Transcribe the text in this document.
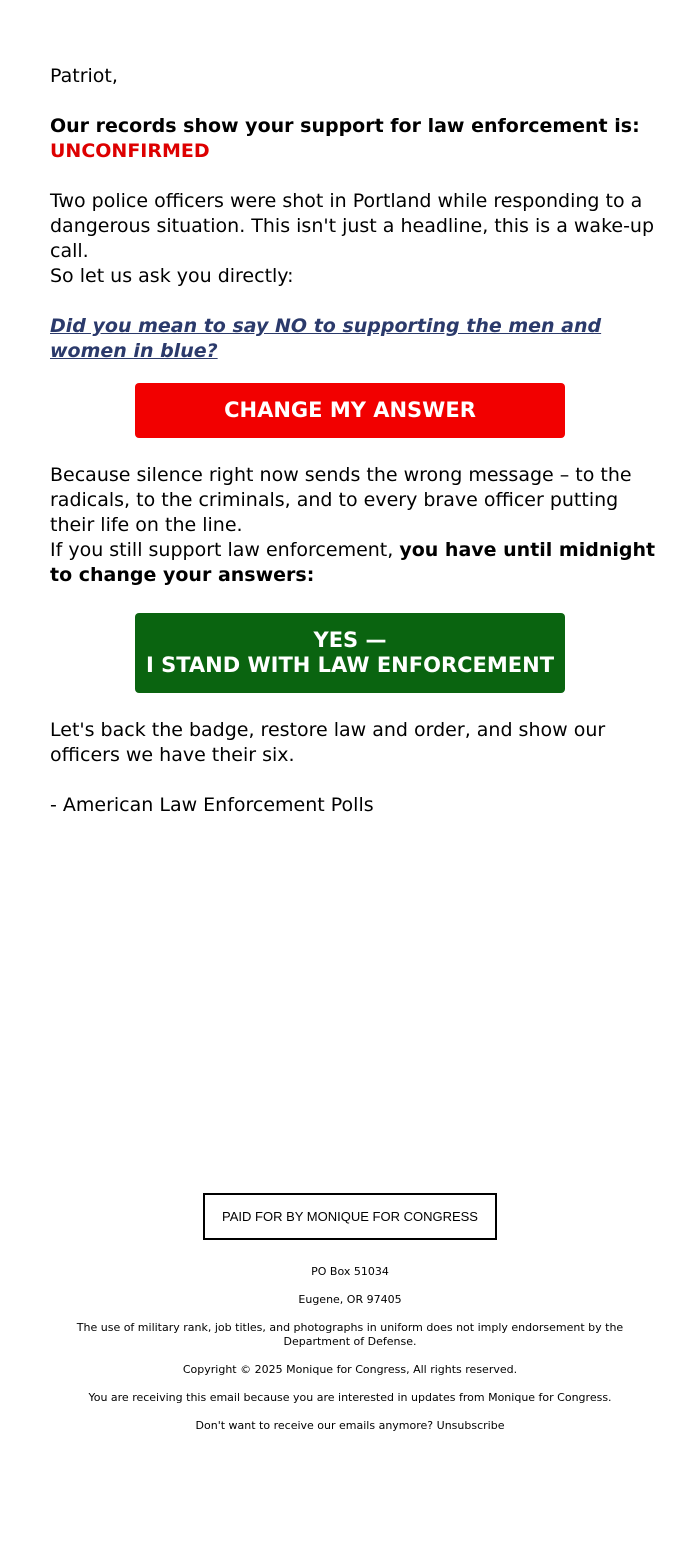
Patriot,

Our records show your support for law enforcement is:
UNCONFIRMED

Two police officers were shot in Portland while responding to a dangerous situation. This isn't just a headline, this is a wake-up call.

So let us ask you directly:

Did you mean to say NO to supporting the men and women in blue?

CHANGE MY ANSWER

Because silence right now sends the wrong message – to the radicals, to the criminals, and to every brave officer putting their life on the line.

If you still support law enforcement, you have until midnight to change your answers:

YES —
I STAND WITH LAW ENFORCEMENT

Let's back the badge, restore law and order, and show our officers we have their six.

- American Law Enforcement Polls

PAID FOR BY MONIQUE FOR CONGRESS
PO Box 51034
Eugene, OR 97405
The use of military rank, job titles, and photographs in uniform does not imply endorsement by the Department of Defense.
Copyright © 2025 Monique for Congress, All rights reserved.
You are receiving this email because you are interested in updates from Monique for Congress.
Don't want to receive our emails anymore? Unsubscribe
